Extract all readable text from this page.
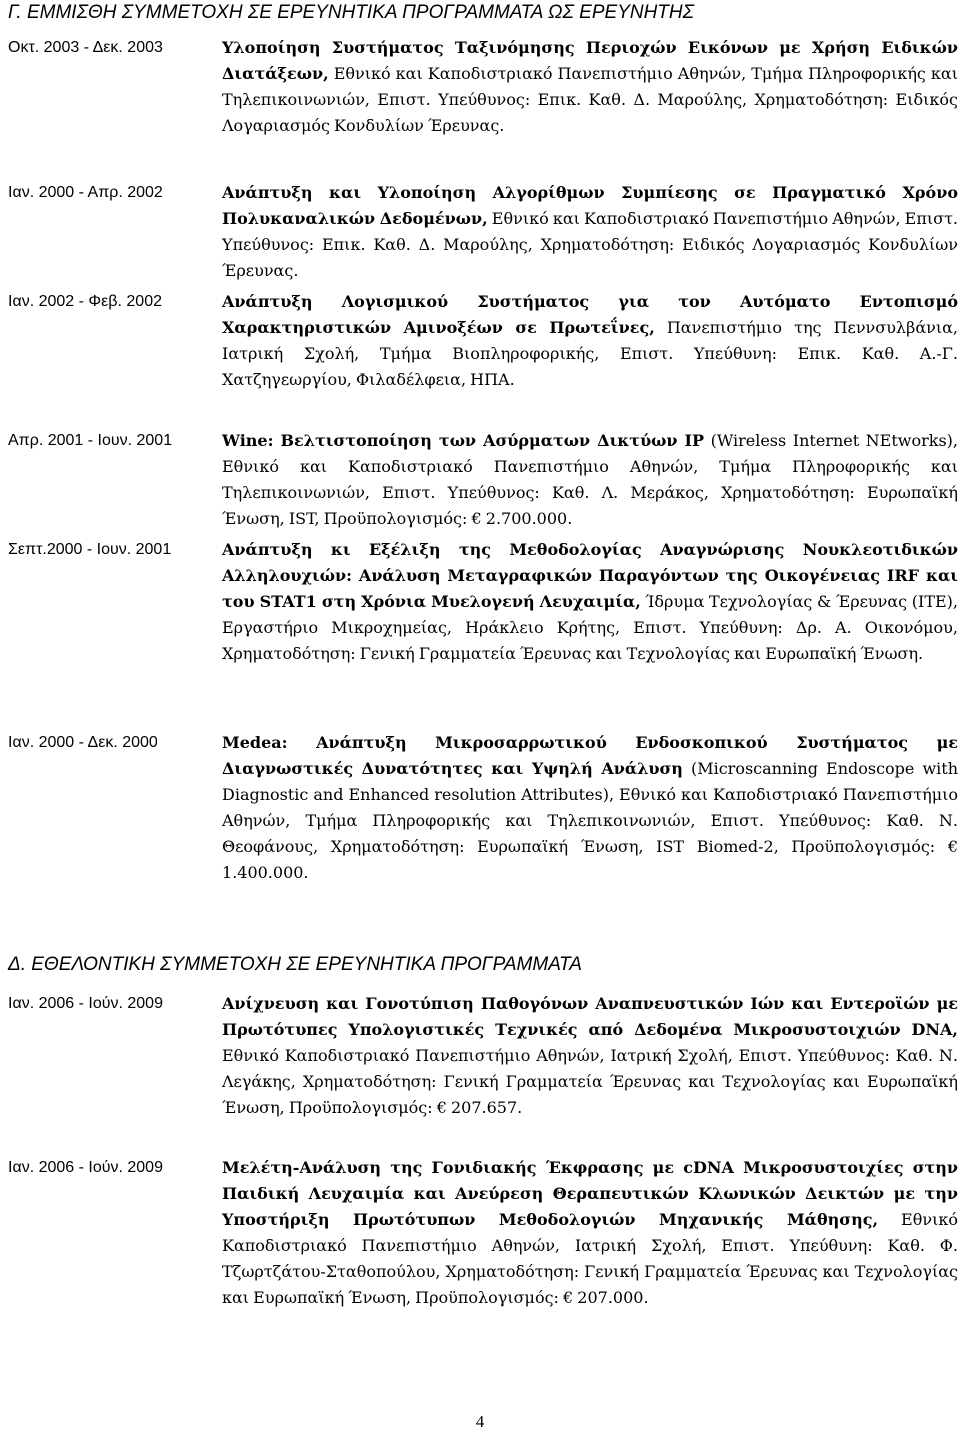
Γ. ΕΜΜΙΣΘΗ ΣΥΜΜΕΤΟΧΗ ΣΕ ΕΡΕΥΝΗΤΙΚΑ ΠΡΟΓΡΑΜΜΑΤΑ ΩΣ ΕΡΕΥΝΗΤΗΣ
Οκτ. 2003 - Δεκ. 2003	Υλοποίηση Συστήματος Ταξινόμησης Περιοχών Εικόνων με Χρήση Ειδικών Διατάξεων, Εθνικό και Καποδιστριακό Πανεπιστήμιο Αθηνών, Τμήμα Πληροφορικής και Τηλεπικοινωνιών, Επιστ. Υπεύθυνος: Επικ. Καθ. Δ. Μαρούλης, Χρηματοδότηση: Ειδικός Λογαριασμός Κονδυλίων Έρευνας.
Ιαν. 2000 - Απρ. 2002	Ανάπτυξη και Υλοποίηση Αλγορίθμων Συμπίεσης σε Πραγματικό Χρόνο Πολυκαναλικών Δεδομένων, Εθνικό και Καποδιστριακό Πανεπιστήμιο Αθηνών, Επιστ. Υπεύθυνος: Επικ. Καθ. Δ. Μαρούλης, Χρηματοδότηση: Ειδικός Λογαριασμός Κονδυλίων Έρευνας.
Ιαν. 2002 - Φεβ. 2002	Ανάπτυξη Λογισμικού Συστήματος για τον Αυτόματο Εντοπισμό Χαρακτηριστικών Αμινοξέων σε Πρωτεΐνες, Πανεπιστήμιο της Πεννσυλβάνια, Ιατρική Σχολή, Τμήμα Βιοπληροφορικής, Επιστ. Υπεύθυνη: Επικ. Καθ. Α.-Γ. Χατζηγεωργίου, Φιλαδέλφεια, ΗΠΑ.
Απρ. 2001 - Ιουν. 2001	Wine: Βελτιστοποίηση των Ασύρματων Δικτύων IP (Wireless Internet NEtworks), Εθνικό και Καποδιστριακό Πανεπιστήμιο Αθηνών, Τμήμα Πληροφορικής και Τηλεπικοινωνιών, Επιστ. Υπεύθυνος: Καθ. Λ. Μεράκος, Χρηματοδότηση: Ευρωπαϊκή Ένωση, IST, Προϋπολογισμός: € 2.700.000.
Σεπτ.2000 - Ιουν. 2001	Ανάπτυξη κι Εξέλιξη της Μεθοδολογίας Αναγνώρισης Νουκλεοτιδικών Αλληλουχιών: Ανάλυση Μεταγραφικών Παραγόντων της Οικογένειας IRF και του STAT1 στη Χρόνια Μυελογενή Λευχαιμία, Ίδρυμα Τεχνολογίας & Έρευνας (ΙΤΕ), Εργαστήριο Μικροχημείας, Ηράκλειο Κρήτης, Επιστ. Υπεύθυνη: Δρ. Α. Οικονόμου, Χρηματοδότηση: Γενική Γραμματεία Έρευνας και Τεχνολογίας και Ευρωπαϊκή Ένωση.
Ιαν. 2000 - Δεκ. 2000	Medea: Ανάπτυξη Μικροσαρρωτικού Ενδοσκοπικού Συστήματος με Διαγνωστικές Δυνατότητες και Υψηλή Ανάλυση (Microscanning Endoscope with Diagnostic and Enhanced resolution Attributes), Εθνικό και Καποδιστριακό Πανεπιστήμιο Αθηνών, Τμήμα Πληροφορικής και Τηλεπικοινωνιών, Επιστ. Υπεύθυνος: Καθ. Ν. Θεοφάνους, Χρηματοδότηση: Ευρωπαϊκή Ένωση, IST Biomed-2, Προϋπολογισμός: € 1.400.000.
Δ. ΕΘΕΛΟΝΤΙΚΗ ΣΥΜΜΕΤΟΧΗ ΣΕ ΕΡΕΥΝΗΤΙΚΑ ΠΡΟΓΡΑΜΜΑΤΑ
Ιαν. 2006 - Ιούν. 2009	Ανίχνευση και Γονοτύπιση Παθογόνων Αναπνευστικών Ιών και Εντεροϊών με Πρωτότυπες Υπολογιστικές Τεχνικές από Δεδομένα Μικροσυστοιχιών DNA, Εθνικό Καποδιστριακό Πανεπιστήμιο Αθηνών, Ιατρική Σχολή, Επιστ. Υπεύθυνος: Καθ. Ν. Λεγάκης, Χρηματοδότηση: Γενική Γραμματεία Έρευνας και Τεχνολογίας και Ευρωπαϊκή Ένωση, Προϋπολογισμός: € 207.657.
Ιαν. 2006 - Ιούν. 2009	Μελέτη-Ανάλυση της Γονιδιακής Έκφρασης με cDNA Μικροσυστοιχίες στην Παιδική Λευχαιμία και Ανεύρεση Θεραπευτικών Κλωνικών Δεικτών με την Υποστήριξη Πρωτότυπων Μεθοδολογιών Μηχανικής Μάθησης, Εθνικό Καποδιστριακό Πανεπιστήμιο Αθηνών, Ιατρική Σχολή, Επιστ. Υπεύθυνη: Καθ. Φ. Τζωρτζάτου-Σταθοπούλου, Χρηματοδότηση: Γενική Γραμματεία Έρευνας και Τεχνολογίας και Ευρωπαϊκή Ένωση, Προϋπολογισμός: € 207.000.
4
